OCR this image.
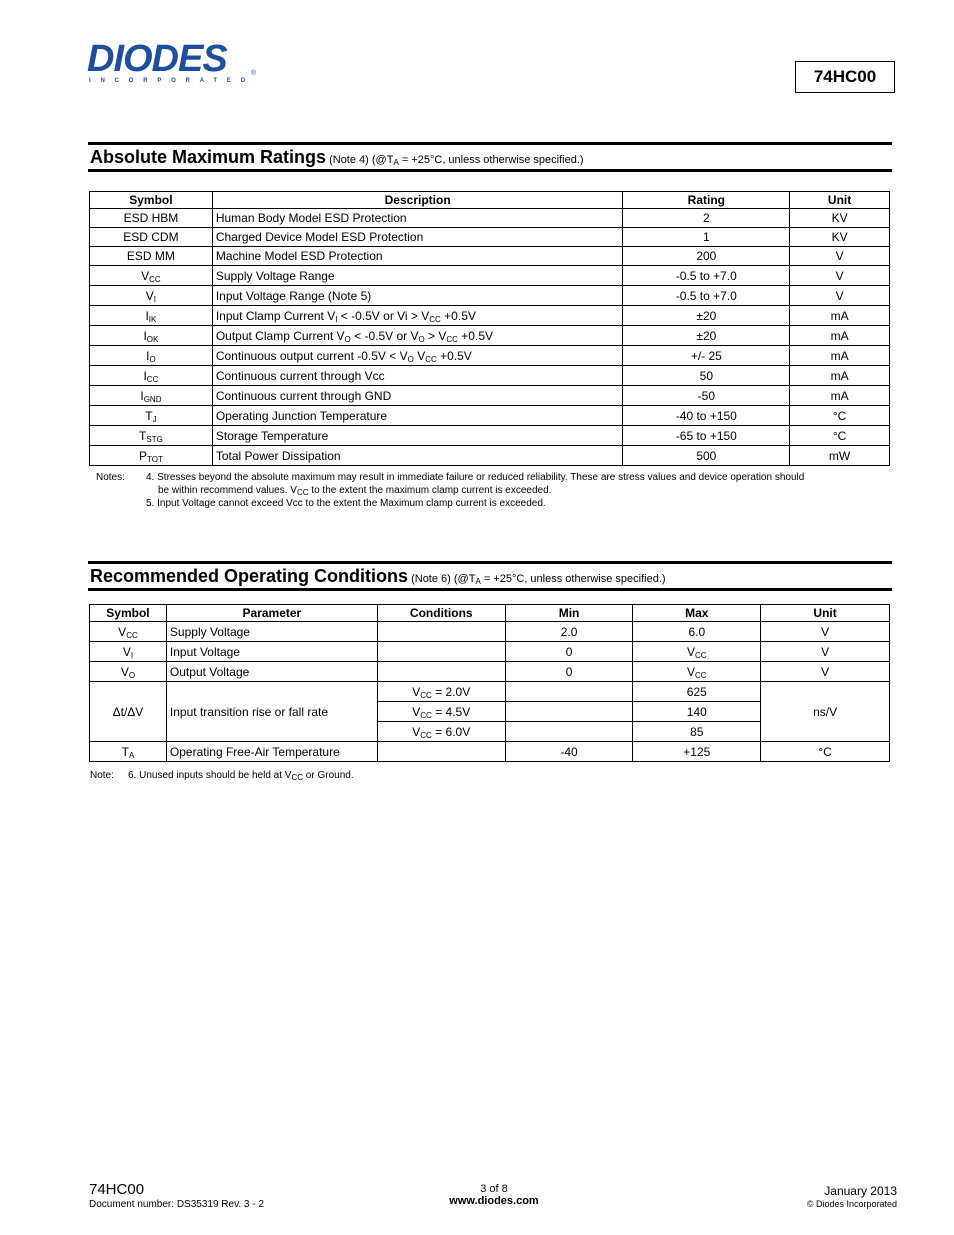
DIODES	®
INCORPORATED	74HC00
Absolute Maximum Ratings (Note 4) ($@T_A = +25^\circ C$, unless otherwise specified.)
Symbol	Description	Rating	Unit
ESD HBM	Human Body Model ESD Protection	2	KV
ESD CDM	Charged Device Model ESD Protection	1	KV
ESD MM	Machine Model ESD Protection	200	V
$V_{CC}$	Supply Voltage Range	-0.5 to +7.0	V
$V_I$	Input Voltage Range (Note 5)	-0.5 to +7.0	V
$I_{IK}$	Input Clamp Current $V_I < -0.5V$ or $Vi > V_{CC} +0.5V$	±20	mA
$I_{OK}$	Output Clamp Current $V_O < -0.5V$ or $V_O > V_{CC} +0.5V$	±20	mA
$I_O$	Continuous output current $-0.5V < V_O$ $V_{CC} +0.5V$	+/- 25	mA
$I_{CC}$	Continuous current through Vcc	50	mA
$I_{GND}$	Continuous current through GND	-50	mA
$T_J$	Operating Junction Temperature	-40 to +150	°C
$T_{STG}$	Storage Temperature	-65 to +150	°C
$P_{TOT}$	Total Power Dissipation	500	mW
Notes: 4. Stresses beyond the absolute maximum may result in immediate failure or reduced reliability. These are stress values and device operation should
be within recommend values. $V_{CC}$ to the extent the maximum clamp current is exceeded.
5. Input Voltage cannot exceed Vcc to the extent the Maximum clamp current is exceeded.
Recommended Operating Conditions (Note 6) ($@T_A = +25^\circ C$, unless otherwise specified.)
Symbol	Parameter	Conditions	Min	Max	Unit
$V_{CC}$	Supply Voltage		2.0	6.0	V
$V_I$	Input Voltage		0	$V_{CC}$	V
$V_O$	Output Voltage		0	$V_{CC}$	V
Δt/ΔV	Input transition rise or fall rate	$V_{CC} = 2.0V$		625	ns/V
		$V_{CC} = 4.5V$		140	
		$V_{CC} = 6.0V$		85	
$T_A$	Operating Free-Air Temperature		-40	+125	°C
Note: 6. Unused inputs should be held at $V_{CC}$ or Ground.
74HC00
Document number: DS35319 Rev. 3 - 2
3 of 8
www.diodes.com
January 2013
© Diodes Incorporated
